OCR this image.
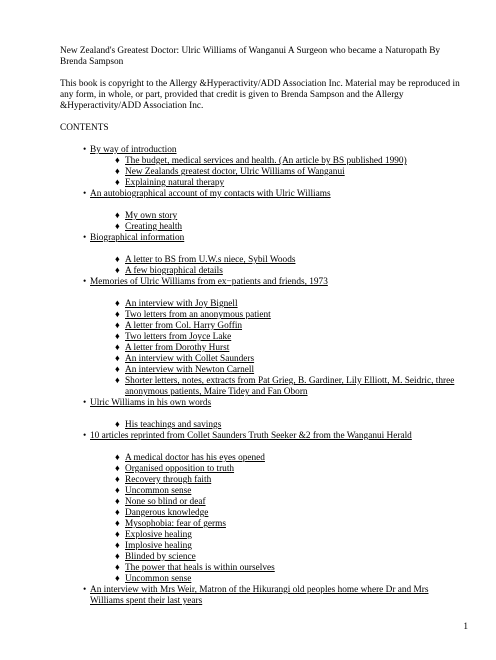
New Zealand's Greatest Doctor: Ulric Williams of Wanganui A Surgeon who became a Naturopath By Brenda Sampson

This book is copyright to the Allergy &Hyperactivity/ADD Association Inc. Material may be reproduced in any form, in whole, or part, provided that credit is given to Brenda Sampson and the Allergy &Hyperactivity/ADD Association Inc.

CONTENTS

• By way of introduction
♦ The budget, medical services and health. (An article by BS published 1990)
♦ New Zealands greatest doctor, Ulric Williams of Wanganui
♦ Explaining natural therapy
• An autobiographical account of my contacts with Ulric Williams
♦ My own story
♦ Creating health
• Biographical information
♦ A letter to BS from U.W.s niece, Sybil Woods
♦ A few biographical details
• Memories of Ulric Williams from ex−patients and friends, 1973
♦ An interview with Joy Bignell
♦ Two letters from an anonymous patient
♦ A letter from Col. Harry Goffin
♦ Two letters from Joyce Lake
♦ A letter from Dorothy Hurst
♦ An interview with Collet Saunders
♦ An interview with Newton Carnell
♦ Shorter letters, notes, extracts from Pat Grieg, B. Gardiner, Lily Elliott, M. Seidric, three anonymous patients, Maire Tidey and Fan Oborn
• Ulric Williams in his own words
♦ His teachings and savings
• 10 articles reprinted from Collet Saunders Truth Seeker &2 from the Wanganui Herald
♦ A medical doctor has his eyes opened
♦ Organised opposition to truth
♦ Recovery through faith
♦ Uncommon sense
♦ None so blind or deaf
♦ Dangerous knowledge
♦ Mysophobia: fear of germs
♦ Explosive healing
♦ Implosive healing
♦ Blinded by science
♦ The power that heals is within ourselves
♦ Uncommon sense
• An interview with Mrs Weir, Matron of the Hikurangi old peoples home where Dr and Mrs Williams spent their last years
1
